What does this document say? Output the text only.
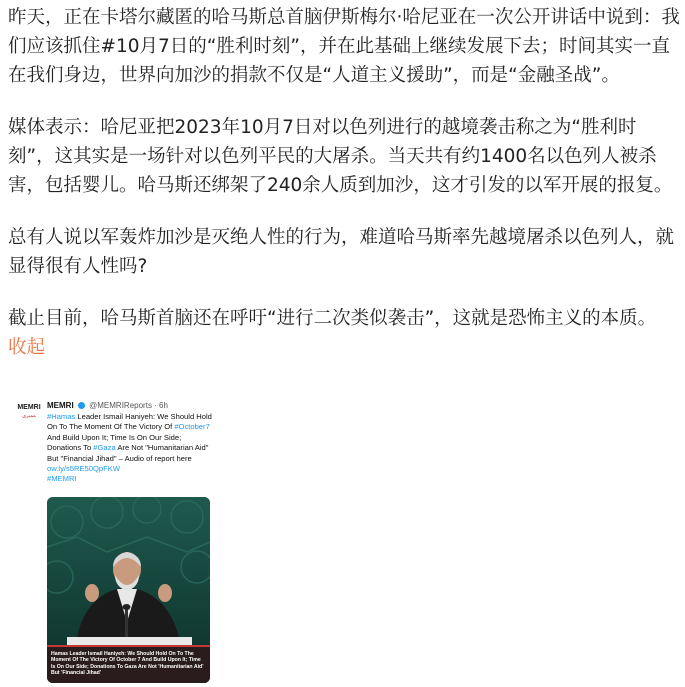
昨天，正在卡塔尔藏匿的哈马斯总首脑伊斯梅尔·哈尼亚在一次公开讲话中说到：我们应该抓住#10月7日的“胜利时刻”，并在此基础上继续发展下去；时间其实一直在我们身边，世界向加沙的捐款不仅是“人道主义援助”，而是“金融圣战”。

媒体表示：哈尼亚把2023年10月7日对以色列进行的越境袭击称之为“胜利时刻”，这其实是一场针对以色列平民的大屠杀。当天共有约1400名以色列人被杀害，包括婴儿。哈马斯还绑架了240余人质到加沙，这才引发的以军开展的报复。

总有人说以军轰炸加沙是灭绝人性的行为，难道哈马斯率先越境屠杀以色列人，就显得很有人性吗?

截止目前，哈马斯首脑还在呼吁“进行二次类似袭击”，这就是恐怖主义的本质。 收起

MEMRI
مميري
MEMRI @MEMRIReports · 6h
#Hamas Leader Ismail Haniyeh: We Should Hold On To The Moment Of The Victory Of #October7 And Build Upon It; Time Is On Our Side; Donations To #Gaza Are Not "Humanitarian Aid" But "Financial Jihad" – Audio of report here ow.ly/s5RE50QpFKW
#MEMRI
Hamas Leader Ismail Haniyeh: We Should Hold On To The Moment Of The Victory Of October 7 And Build Upon It; Time Is On Our Side; Donations To Gaza Are Not 'Humanitarian Aid' But 'Financial Jihad'
